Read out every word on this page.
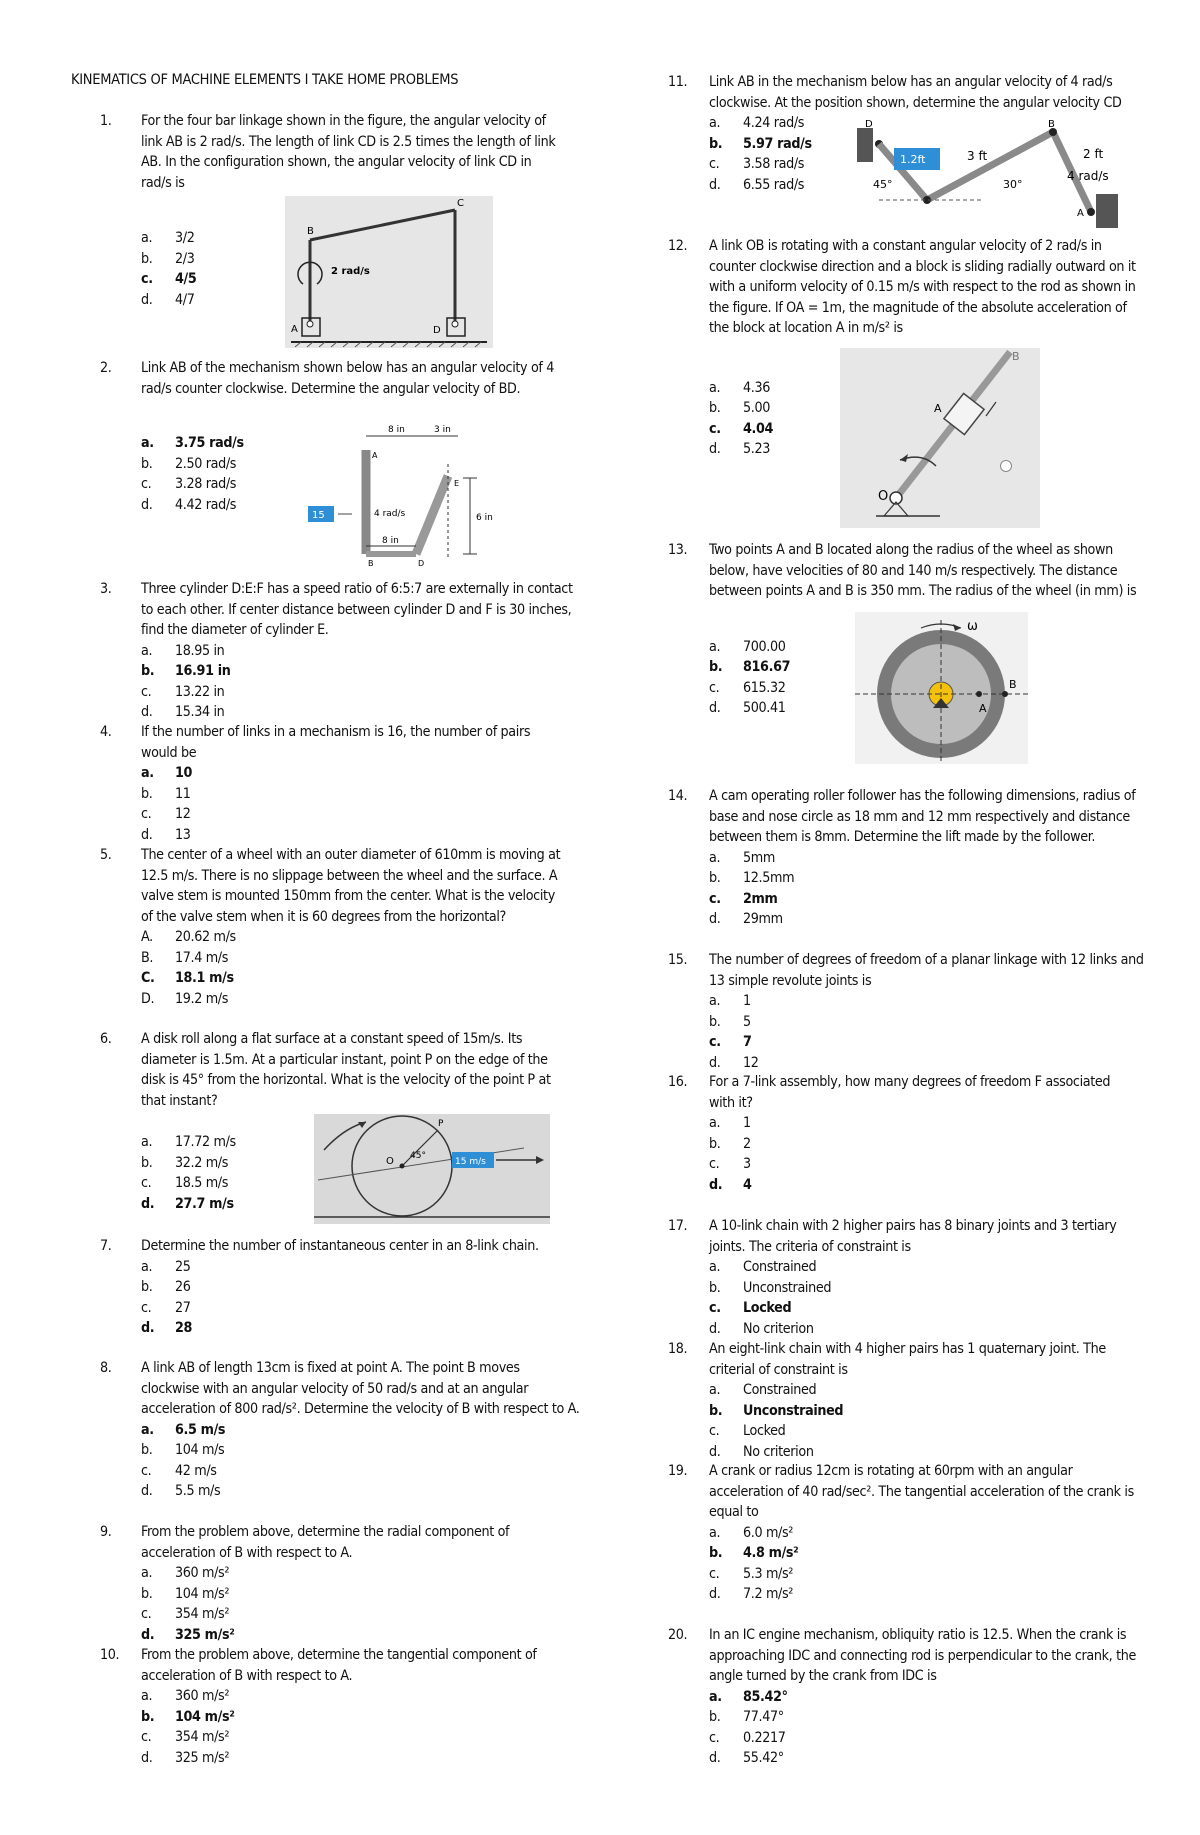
KINEMATICS OF MACHINE ELEMENTS I TAKE HOME PROBLEMS
1. For the four bar linkage shown in the figure, the angular velocity of link AB is 2 rad/s. The length of link CD is 2.5 times the length of link AB. In the configuration shown, the angular velocity of link CD in rad/s is
a.	3/2
b.	2/3
c.	4/5
d.	4/7
B
C
A	D
2 rad/s
2. Link AB of the mechanism shown below has an angular velocity of 4 rad/s counter clockwise. Determine the angular velocity of BD.
a.	3.75 rad/s
b.	2.50 rad/s
c.	3.28 rad/s
d.	4.42 rad/s
15
8 in	3 in
8 in
6 in
4 rad/s
A
B	D
E
3. Three cylinder D:E:F has a speed ratio of 6:5:7 are externally in contact to each other. If center distance between cylinder D and F is 30 inches, find the diameter of cylinder E.
a.	18.95 in
b.	16.91 in
c.	13.22 in
d.	15.34 in
4. If the number of links in a mechanism is 16, the number of pairs would be
a.	10
b.	11
c.	12
d.	13
5. The center of a wheel with an outer diameter of 610mm is moving at 12.5 m/s. There is no slippage between the wheel and the surface. A valve stem is mounted 150mm from the center. What is the velocity of the valve stem when it is 60 degrees from the horizontal?
A.	20.62 m/s
B.	17.4 m/s
C.	18.1 m/s
D.	19.2 m/s
6. A disk roll along a flat surface at a constant speed of 15m/s. Its diameter is 1.5m. At a particular instant, point P on the edge of the disk is 45° from the horizontal. What is the velocity of the point P at that instant?
a.	17.72 m/s
b.	32.2 m/s
c.	18.5 m/s
d.	27.7 m/s
15 m/s
O 45°
P
7. Determine the number of instantaneous center in an 8-link chain.
a.	25
b.	26
c.	27
d.	28
8. A link AB of length 13cm is fixed at point A. The point B moves clockwise with an angular velocity of 50 rad/s and at an angular acceleration of 800 rad/s². Determine the velocity of B with respect to A.
a.	6.5 m/s
b.	104 m/s
c.	42 m/s
d.	5.5 m/s
9. From the problem above, determine the radial component of acceleration of B with respect to A.
a.	360 m/s²
b.	104 m/s²
c.	354 m/s²
d.	325 m/s²
10. From the problem above, determine the tangential component of acceleration of B with respect to A.
a.	360 m/s²
b.	104 m/s²
c.	354 m/s²
d.	325 m/s²
11. Link AB in the mechanism below has an angular velocity of 4 rad/s clockwise. At the position shown, determine the angular velocity CD
a.	4.24 rad/s
b.	5.97 rad/s
c.	3.58 rad/s
d.	6.55 rad/s
1.2ft	3 ft	2 ft
45°	30°
4 rad/s
D	B
A
12. A link OB is rotating with a constant angular velocity of 2 rad/s in counter clockwise direction and a block is sliding radially outward on it with a uniform velocity of 0.15 m/s with respect to the rod as shown in the figure. If OA = 1m, the magnitude of the absolute acceleration of the block at location A in m/s² is
a.	4.36
b.	5.00
c.	4.04
d.	5.23
B
A
O
13. Two points A and B located along the radius of the wheel as shown below, have velocities of 80 and 140 m/s respectively. The distance between points A and B is 350 mm. The radius of the wheel (in mm) is
a.	700.00
b.	816.67
c.	615.32
d.	500.41
ω
A
B
14. A cam operating roller follower has the following dimensions, radius of base and nose circle as 18 mm and 12 mm respectively and distance between them is 8mm. Determine the lift made by the follower.
a.	5mm
b.	12.5mm
c.	2mm
d.	29mm
15. The number of degrees of freedom of a planar linkage with 12 links and 13 simple revolute joints is
a.	1
b.	5
c.	7
d.	12
16. For a 7-link assembly, how many degrees of freedom F associated with it?
a.	1
b.	2
c.	3
d.	4
17. A 10-link chain with 2 higher pairs has 8 binary joints and 3 tertiary joints. The criteria of constraint is
a.	Constrained
b.	Unconstrained
c.	Locked
d.	No criterion
18. An eight-link chain with 4 higher pairs has 1 quaternary joint. The criterial of constraint is
a.	Constrained
b.	Unconstrained
c.	Locked
d.	No criterion
19. A crank or radius 12cm is rotating at 60rpm with an angular acceleration of 40 rad/sec². The tangential acceleration of the crank is equal to
a.	6.0 m/s²
b.	4.8 m/s²
c.	5.3 m/s²
d.	7.2 m/s²
20. In an IC engine mechanism, obliquity ratio is 12.5. When the crank is approaching IDC and connecting rod is perpendicular to the crank, the angle turned by the crank from IDC is
a.	85.42°
b.	77.47°
c.	0.2217
d.	55.42°
